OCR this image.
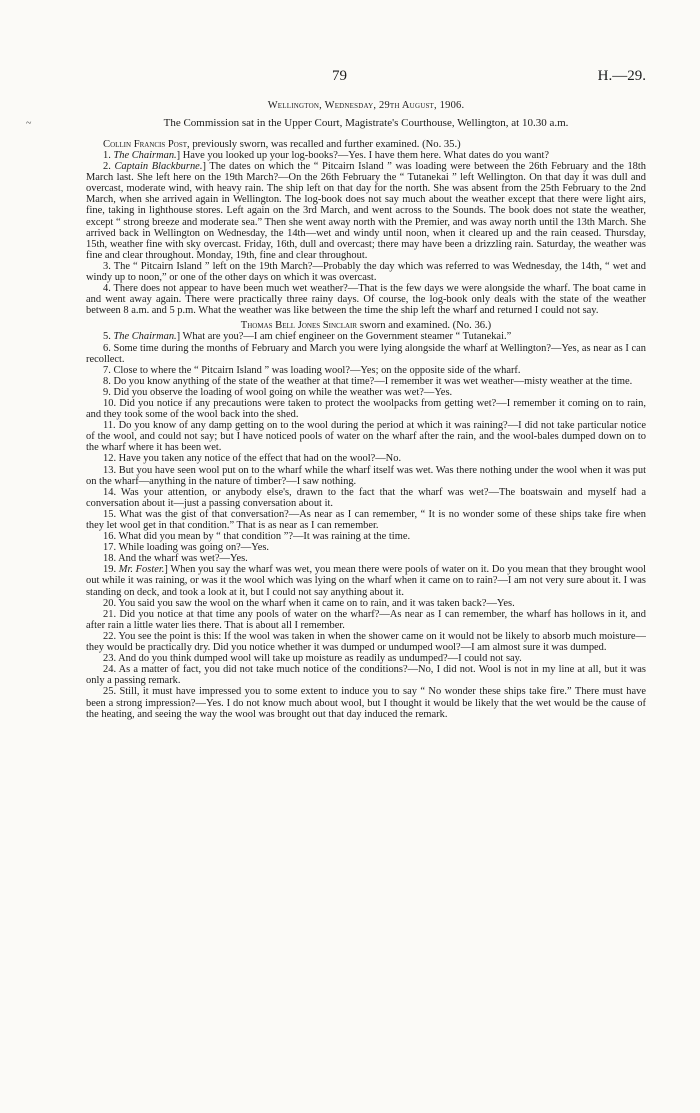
~
79	H.—29.
Wellington, Wednesday, 29th August, 1906.
The Commission sat in the Upper Court, Magistrate's Courthouse, Wellington, at 10.30 a.m.
Collin Francis Post, previously sworn, was recalled and further examined. (No. 35.)

1. The Chairman.] Have you looked up your log-books?—Yes. I have them here. What dates do you want?

2. Captain Blackburne.] The dates on which the “ Pitcairn Island ” was loading were between the 26th February and the 18th March last. She left here on the 19th March?—On the 26th February the “ Tutanekai ” left Wellington. On that day it was dull and overcast, moderate wind, with heavy rain. The ship left on that day for the north. She was absent from the 25th February to the 2nd March, when she arrived again in Wellington. The log-book does not say much about the weather except that there were light airs, fine, taking in lighthouse stores. Left again on the 3rd March, and went across to the Sounds. The book does not state the weather, except “ strong breeze and moderate sea.” Then she went away north with the Premier, and was away north until the 13th March. She arrived back in Wellington on Wednesday, the 14th—wet and windy until noon, when it cleared up and the rain ceased. Thursday, 15th, weather fine with sky overcast. Friday, 16th, dull and overcast; there may have been a drizzling rain. Saturday, the weather was fine and clear throughout. Monday, 19th, fine and clear throughout.

3. The “ Pitcairn Island ” left on the 19th March?—Probably the day which was referred to was Wednesday, the 14th, “ wet and windy up to noon,” or one of the other days on which it was overcast.

4. There does not appear to have been much wet weather?—That is the few days we were alongside the wharf. The boat came in and went away again. There were practically three rainy days. Of course, the log-book only deals with the state of the weather between 8 a.m. and 5 p.m. What the weather was like between the time the ship left the wharf and returned I could not say.

Thomas Bell Jones Sinclair sworn and examined. (No. 36.)

5. The Chairman.] What are you?—I am chief engineer on the Government steamer “ Tutanekai.”

6. Some time during the months of February and March you were lying alongside the wharf at Wellington?—Yes, as near as I can recollect.

7. Close to where the “ Pitcairn Island ” was loading wool?—Yes; on the opposite side of the wharf.

8. Do you know anything of the state of the weather at that time?—I remember it was wet weather—misty weather at the time.

9. Did you observe the loading of wool going on while the weather was wet?—Yes.

10. Did you notice if any precautions were taken to protect the woolpacks from getting wet?—I remember it coming on to rain, and they took some of the wool back into the shed.

11. Do you know of any damp getting on to the wool during the period at which it was raining?—I did not take particular notice of the wool, and could not say; but I have noticed pools of water on the wharf after the rain, and the wool-bales dumped down on to the wharf where it has been wet.

12. Have you taken any notice of the effect that had on the wool?—No.

13. But you have seen wool put on to the wharf while the wharf itself was wet. Was there nothing under the wool when it was put on the wharf—anything in the nature of timber?—I saw nothing.

14. Was your attention, or anybody else's, drawn to the fact that the wharf was wet?—The boatswain and myself had a conversation about it—just a passing conversation about it.

15. What was the gist of that conversation?—As near as I can remember, “ It is no wonder some of these ships take fire when they let wool get in that condition.” That is as near as I can remember.

16. What did you mean by “ that condition ”?—It was raining at the time.

17. While loading was going on?—Yes.

18. And the wharf was wet?—Yes.

19. Mr. Foster.] When you say the wharf was wet, you mean there were pools of water on it. Do you mean that they brought wool out while it was raining, or was it the wool which was lying on the wharf when it came on to rain?—I am not very sure about it. I was standing on deck, and took a look at it, but I could not say anything about it.

20. You said you saw the wool on the wharf when it came on to rain, and it was taken back?—Yes.

21. Did you notice at that time any pools of water on the wharf?—As near as I can remember, the wharf has hollows in it, and after rain a little water lies there. That is about all I remember.

22. You see the point is this: If the wool was taken in when the shower came on it would not be likely to absorb much moisture—they would be practically dry. Did you notice whether it was dumped or undumped wool?—I am almost sure it was dumped.

23. And do you think dumped wool will take up moisture as readily as undumped?—I could not say.

24. As a matter of fact, you did not take much notice of the conditions?—No, I did not. Wool is not in my line at all, but it was only a passing remark.

25. Still, it must have impressed you to some extent to induce you to say “ No wonder these ships take fire.” There must have been a strong impression?—Yes. I do not know much about wool, but I thought it would be likely that the wet would be the cause of the heating, and seeing the way the wool was brought out that day induced the remark.
